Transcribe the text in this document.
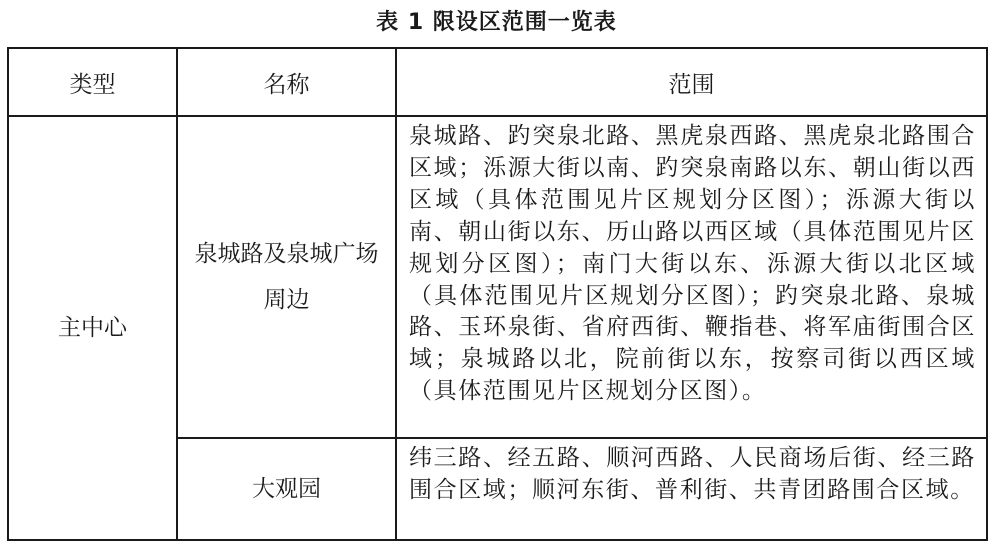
表 1 限设区范围一览表
类型	名称	范围
主中心	泉城路及泉城广场周边	泉城路、趵突泉北路、黑虎泉西路、黑虎泉北路围合区域；泺源大街以南、趵突泉南路以东、朝山街以西区域（具体范围见片区规划分区图）；泺源大街以南、朝山街以东、历山路以西区域（具体范围见片区规划分区图）；南门大街以东、泺源大街以北区域（具体范围见片区规划分区图）；趵突泉北路、泉城路、玉环泉街、省府西街、鞭指巷、将军庙街围合区域；泉城路以北，院前街以东，按察司街以西区域（具体范围见片区规划分区图）。
	大观园	纬三路、经五路、顺河西路、人民商场后街、经三路围合区域；顺河东街、普利街、共青团路围合区域。
